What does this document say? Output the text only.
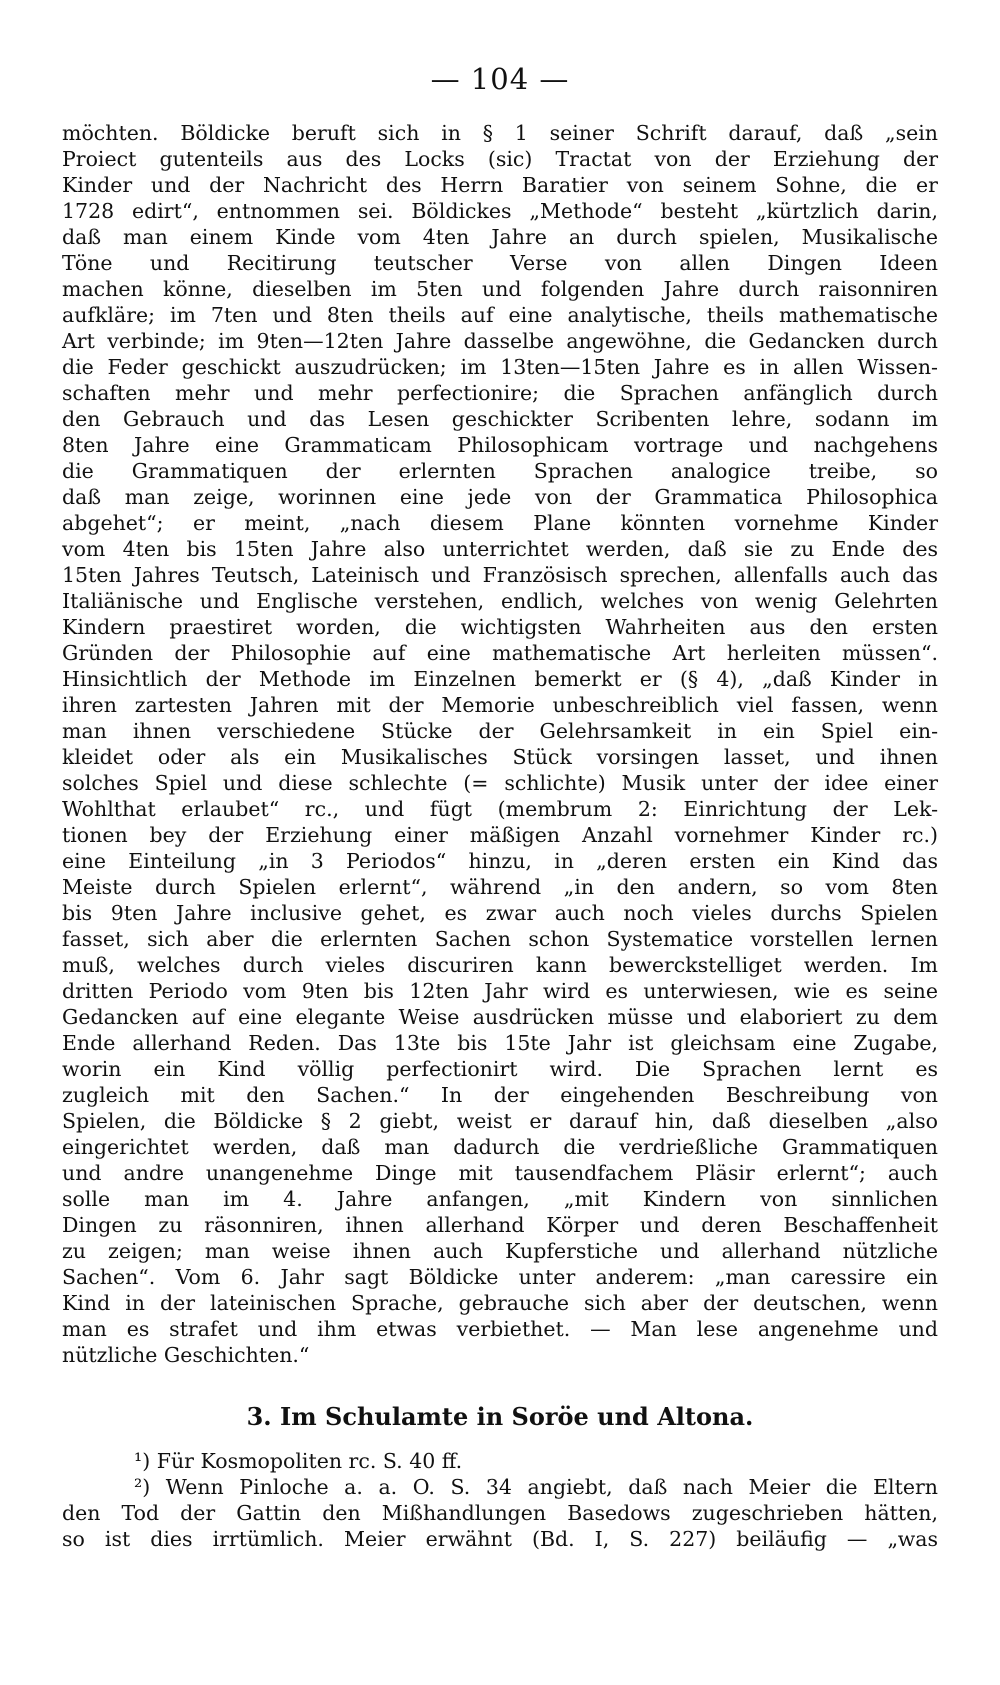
— 104 —
möchten. Böldicke beruft sich in § 1 seiner Schrift darauf, daß „sein
Proiect gutenteils aus des Locks (sic) Tractat von der Erziehung der
Kinder und der Nachricht des Herrn Baratier von seinem Sohne, die er
1728 edirt“, entnommen sei. Böldickes „Methode“ besteht „kürtzlich darin,
daß man einem Kinde vom 4ten Jahre an durch spielen, Musikalische
Töne und Recitirung teutscher Verse von allen Dingen Ideen
machen könne, dieselben im 5ten und folgenden Jahre durch raisonniren
aufkläre; im 7ten und 8ten theils auf eine analytische, theils mathematische
Art verbinde; im 9ten—12ten Jahre dasselbe angewöhne, die Gedancken durch
die Feder geschickt auszudrücken; im 13ten—15ten Jahre es in allen Wissen-
schaften mehr und mehr perfectionire; die Sprachen anfänglich durch
den Gebrauch und das Lesen geschickter Scribenten lehre, sodann im
8ten Jahre eine Grammaticam Philosophicam vortrage und nachgehens
die Grammatiquen der erlernten Sprachen analogice treibe, so
daß man zeige, worinnen eine jede von der Grammatica Philosophica
abgehet“; er meint, „nach diesem Plane könnten vornehme Kinder
vom 4ten bis 15ten Jahre also unterrichtet werden, daß sie zu Ende des
15ten Jahres Teutsch, Lateinisch und Französisch sprechen, allenfalls auch das
Italiänische und Englische verstehen, endlich, welches von wenig Gelehrten
Kindern praestiret worden, die wichtigsten Wahrheiten aus den ersten
Gründen der Philosophie auf eine mathematische Art herleiten müssen“.
Hinsichtlich der Methode im Einzelnen bemerkt er (§ 4), „daß Kinder in
ihren zartesten Jahren mit der Memorie unbeschreiblich viel fassen, wenn
man ihnen verschiedene Stücke der Gelehrsamkeit in ein Spiel ein-
kleidet oder als ein Musikalisches Stück vorsingen lasset, und ihnen
solches Spiel und diese schlechte (= schlichte) Musik unter der idee einer
Wohlthat erlaubet“ rc., und fügt (membrum 2: Einrichtung der Lek-
tionen bey der Erziehung einer mäßigen Anzahl vornehmer Kinder rc.)
eine Einteilung „in 3 Periodos“ hinzu, in „deren ersten ein Kind das
Meiste durch Spielen erlernt“, während „in den andern, so vom 8ten
bis 9ten Jahre inclusive gehet, es zwar auch noch vieles durchs Spielen
fasset, sich aber die erlernten Sachen schon Systematice vorstellen lernen
muß, welches durch vieles discuriren kann bewerckstelliget werden. Im
dritten Periodo vom 9ten bis 12ten Jahr wird es unterwiesen, wie es seine
Gedancken auf eine elegante Weise ausdrücken müsse und elaboriert zu dem
Ende allerhand Reden. Das 13te bis 15te Jahr ist gleichsam eine Zugabe,
worin ein Kind völlig perfectionirt wird. Die Sprachen lernt es
zugleich mit den Sachen.“ In der eingehenden Beschreibung von
Spielen, die Böldicke § 2 giebt, weist er darauf hin, daß dieselben „also
eingerichtet werden, daß man dadurch die verdrießliche Grammatiquen
und andre unangenehme Dinge mit tausendfachem Pläsir erlernt“; auch
solle man im 4. Jahre anfangen, „mit Kindern von sinnlichen
Dingen zu räsonniren, ihnen allerhand Körper und deren Beschaffenheit
zu zeigen; man weise ihnen auch Kupferstiche und allerhand nützliche
Sachen“. Vom 6. Jahr sagt Böldicke unter anderem: „man caressire ein
Kind in der lateinischen Sprache, gebrauche sich aber der deutschen, wenn
man es strafet und ihm etwas verbiethet. — Man lese angenehme und
nützliche Geschichten.“
3. Im Schulamte in Soröe und Altona.
¹) Für Kosmopoliten rc. S. 40 ff.
²) Wenn Pinloche a. a. O. S. 34 angiebt, daß nach Meier die Eltern
den Tod der Gattin den Mißhandlungen Basedows zugeschrieben hätten,
so ist dies irrtümlich. Meier erwähnt (Bd. I, S. 227) beiläufig — „was
